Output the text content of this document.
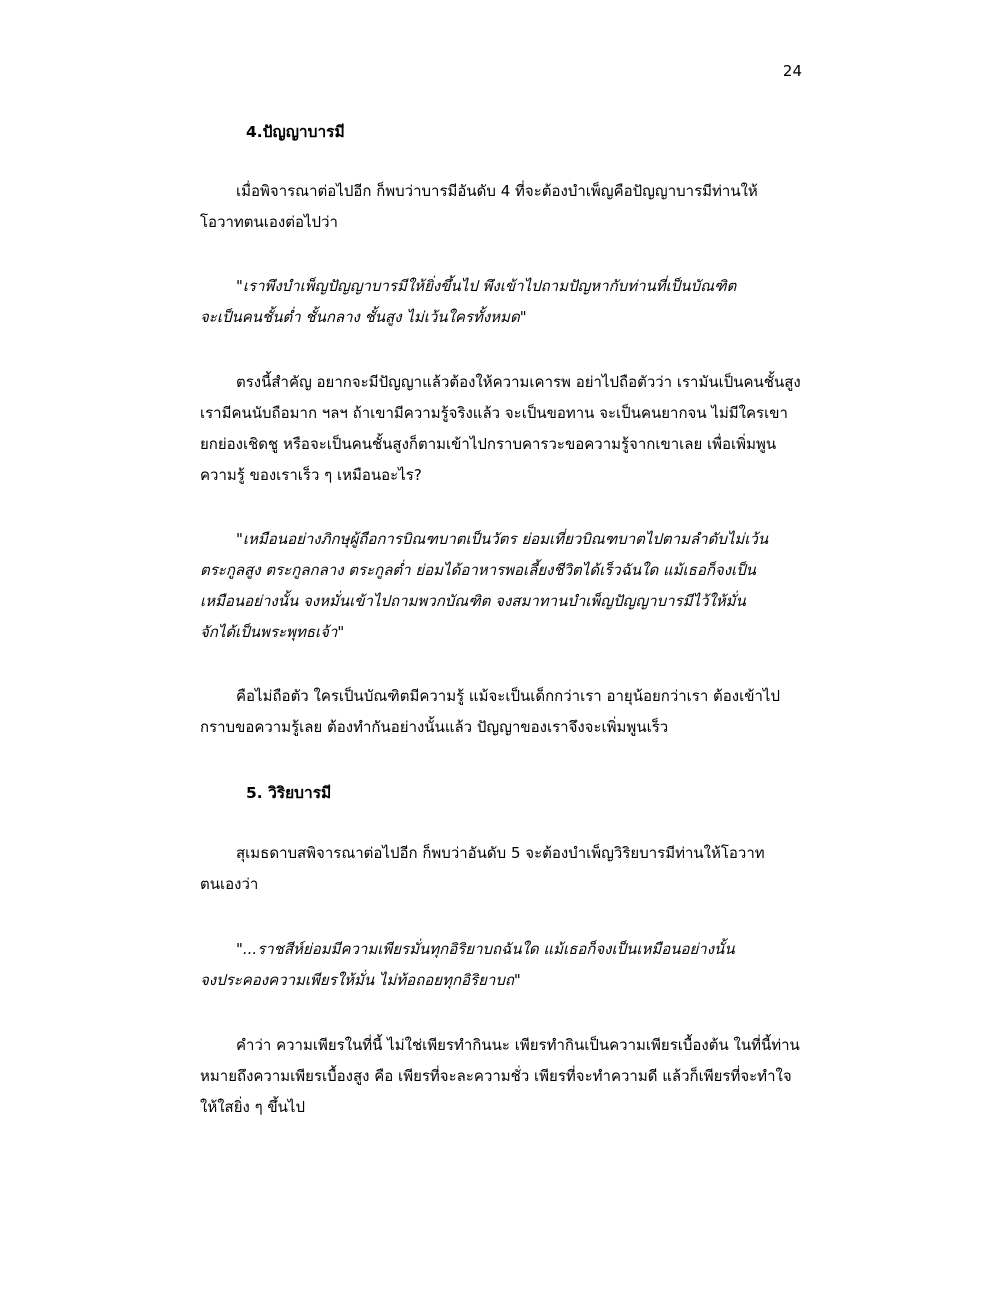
24
4.ปัญญาบารมี
เมื่อพิจารณาต่อไปอีก ก็พบว่าบารมีอันดับ 4 ที่จะต้องบำเพ็ญคือปัญญาบารมีท่านให้
โอวาทตนเองต่อไปว่า
"เราพึงบำเพ็ญปัญญาบารมีให้ยิ่งขึ้นไป พึงเข้าไปถามปัญหากับท่านที่เป็นบัณฑิต
จะเป็นคนชั้นต่ำ ชั้นกลาง ชั้นสูง ไม่เว้นใครทั้งหมด"
ตรงนี้สำคัญ อยากจะมีปัญญาแล้วต้องให้ความเคารพ อย่าไปถือตัวว่า เรามันเป็นคนชั้นสูง
เรามีคนนับถือมาก ฯลฯ ถ้าเขามีความรู้จริงแล้ว จะเป็นขอทาน จะเป็นคนยากจน ไม่มีใครเขา
ยกย่องเชิดชู หรือจะเป็นคนชั้นสูงก็ตามเข้าไปกราบคารวะขอความรู้จากเขาเลย เพื่อเพิ่มพูน
ความรู้ ของเราเร็ว ๆ เหมือนอะไร?
"เหมือนอย่างภิกษุผู้ถือการบิณฑบาตเป็นวัตร ย่อมเที่ยวบิณฑบาตไปตามลำดับไม่เว้น
ตระกูลสูง ตระกูลกลาง ตระกูลต่ำ ย่อมได้อาหารพอเลี้ยงชีวิตได้เร็วฉันใด แม้เธอก็จงเป็น
เหมือนอย่างนั้น จงหมั่นเข้าไปถามพวกบัณฑิต จงสมาทานบำเพ็ญปัญญาบารมีไว้ให้มั่น
จักได้เป็นพระพุทธเจ้า"
คือไม่ถือตัว ใครเป็นบัณฑิตมีความรู้ แม้จะเป็นเด็กกว่าเรา อายุน้อยกว่าเรา ต้องเข้าไป
กราบขอความรู้เลย ต้องทำกันอย่างนั้นแล้ว ปัญญาของเราจึงจะเพิ่มพูนเร็ว
5. วิริยบารมี
สุเมธดาบสพิจารณาต่อไปอีก ก็พบว่าอันดับ 5 จะต้องบำเพ็ญวิริยบารมีท่านให้โอวาท
ตนเองว่า
"...ราชสีห์ย่อมมีความเพียรมั่นทุกอิริยาบถฉันใด แม้เธอก็จงเป็นเหมือนอย่างนั้น
จงประคองความเพียรให้มั่น ไม่ท้อถอยทุกอิริยาบถ"
คำว่า ความเพียรในที่นี้ ไม่ใช่เพียรทำกินนะ เพียรทำกินเป็นความเพียรเบื้องต้น ในที่นี้ท่าน
หมายถึงความเพียรเบื้องสูง คือ เพียรที่จะละความชั่ว เพียรที่จะทำความดี แล้วก็เพียรที่จะทำใจ
ให้ใสยิ่ง ๆ ขึ้นไป
